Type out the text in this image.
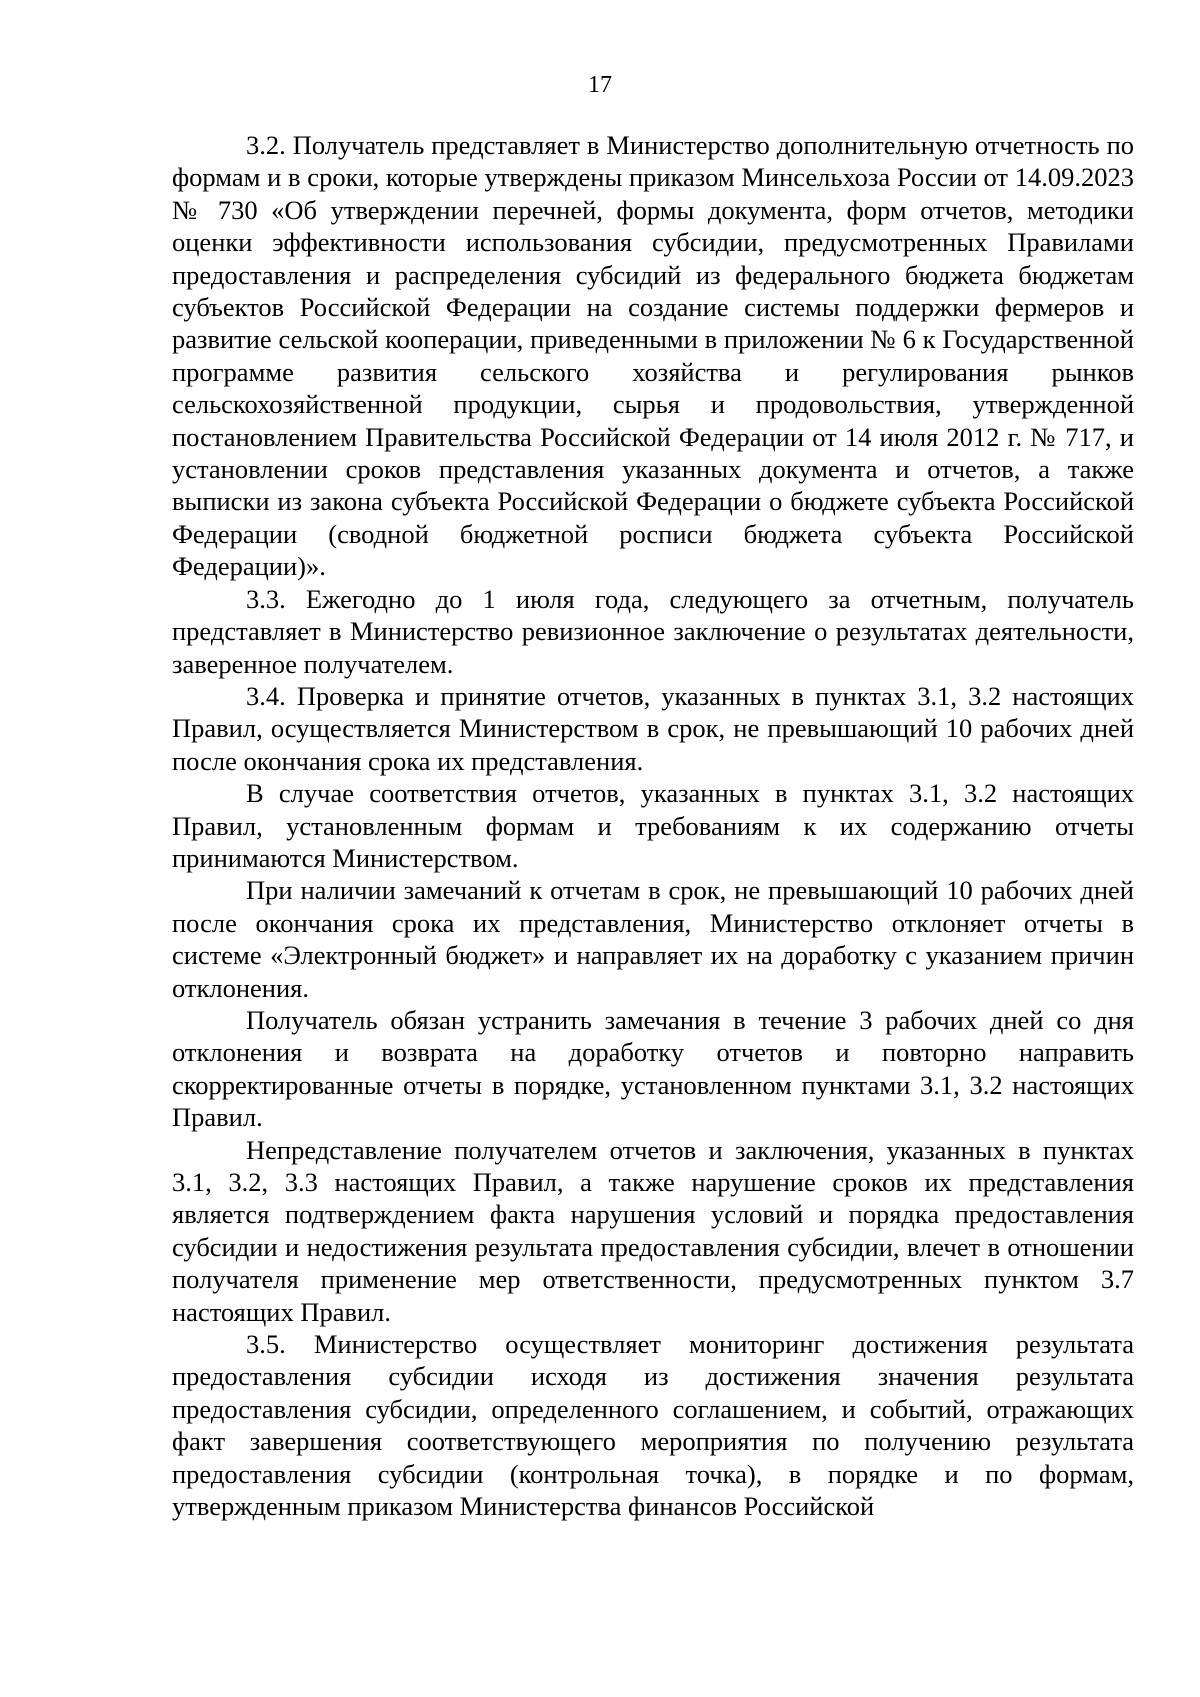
17

3.2. Получатель представляет в Министерство дополнительную отчетность по формам и в сроки, которые утверждены приказом Минсельхоза России от 14.09.2023 № 730 «Об утверждении перечней, формы документа, форм отчетов, методики оценки эффективности использования субсидии, предусмотренных Правилами предоставления и распределения субсидий из федерального бюджета бюджетам субъектов Российской Федерации на создание системы поддержки фермеров и развитие сельской кооперации, приведенными в приложении № 6 к Государственной программе развития сельского хозяйства и регулирования рынков сельскохозяйственной продукции, сырья и продовольствия, утвержденной постановлением Правительства Российской Федерации от 14 июля 2012 г. № 717, и установлении сроков представления указанных документа и отчетов, а также выписки из закона субъекта Российской Федерации о бюджете субъекта Российской Федерации (сводной бюджетной росписи бюджета субъекта Российской Федерации)».

3.3. Ежегодно до 1 июля года, следующего за отчетным, получатель представляет в Министерство ревизионное заключение о результатах деятельности, заверенное получателем.

3.4. Проверка и принятие отчетов, указанных в пунктах 3.1, 3.2 настоящих Правил, осуществляется Министерством в срок, не превышающий 10 рабочих дней после окончания срока их представления.

В случае соответствия отчетов, указанных в пунктах 3.1, 3.2 настоящих Правил, установленным формам и требованиям к их содержанию отчеты принимаются Министерством.

При наличии замечаний к отчетам в срок, не превышающий 10 рабочих дней после окончания срока их представления, Министерство отклоняет отчеты в системе «Электронный бюджет» и направляет их на доработку с указанием причин отклонения.

Получатель обязан устранить замечания в течение 3 рабочих дней со дня отклонения и возврата на доработку отчетов и повторно направить скорректированные отчеты в порядке, установленном пунктами 3.1, 3.2 настоящих Правил.

Непредставление получателем отчетов и заключения, указанных в пунктах 3.1, 3.2, 3.3 настоящих Правил, а также нарушение сроков их представления является подтверждением факта нарушения условий и порядка предоставления субсидии и недостижения результата предоставления субсидии, влечет в отношении получателя применение мер ответственности, предусмотренных пунктом 3.7 настоящих Правил.

3.5. Министерство осуществляет мониторинг достижения результата предоставления субсидии исходя из достижения значения результата предоставления субсидии, определенного соглашением, и событий, отражающих факт завершения соответствующего мероприятия по получению результата предоставления субсидии (контрольная точка), в порядке и по формам, утвержденным приказом Министерства финансов Российской
